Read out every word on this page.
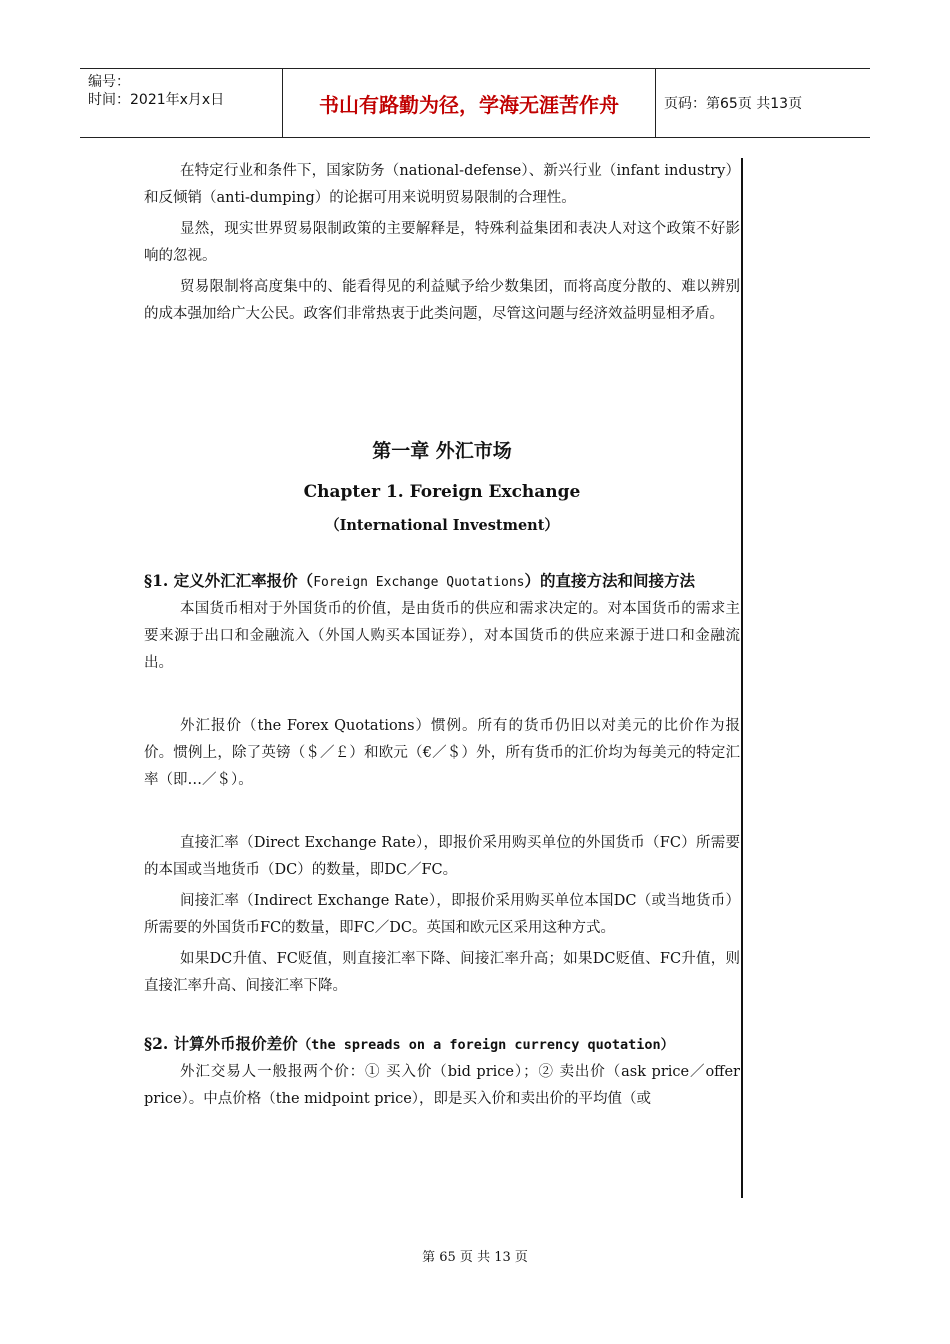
编号：
时间：2021年x月x日	书山有路勤为径，学海无涯苦作舟	页码：第65页 共13页

在特定行业和条件下，国家防务（national-defense）、新兴行业（infant industry）和反倾销（anti-dumping）的论据可用来说明贸易限制的合理性。

显然，现实世界贸易限制政策的主要解释是，特殊利益集团和表决人对这个政策不好影响的忽视。

贸易限制将高度集中的、能看得见的利益赋予给少数集团，而将高度分散的、难以辨别的成本强加给广大公民。政客们非常热衷于此类问题，尽管这问题与经济效益明显相矛盾。

第一章 外汇市场

Chapter 1. Foreign Exchange

（International Investment）

§1. 定义外汇汇率报价（Foreign Exchange Quotations）的直接方法和间接方法

本国货币相对于外国货币的价值，是由货币的供应和需求决定的。对本国货币的需求主要来源于出口和金融流入（外国人购买本国证券），对本国货币的供应来源于进口和金融流出。

外汇报价（the Forex Quotations）惯例。所有的货币仍旧以对美元的比价作为报价。惯例上，除了英镑（＄／￡）和欧元（€／＄）外，所有货币的汇价均为每美元的特定汇率（即…／＄）。

直接汇率（Direct Exchange Rate），即报价采用购买单位的外国货币（FC）所需要的本国或当地货币（DC）的数量，即DC／FC。

间接汇率（Indirect Exchange Rate），即报价采用购买单位本国DC（或当地货币）所需要的外国货币FC的数量，即FC／DC。英国和欧元区采用这种方式。

如果DC升值、FC贬值，则直接汇率下降、间接汇率升高；如果DC贬值、FC升值，则直接汇率升高、间接汇率下降。

§2. 计算外币报价差价（the spreads on a foreign currency quotation）

外汇交易人一般报两个价：① 买入价（bid price）；② 卖出价（ask price／offer price）。中点价格（the midpoint price），即是买入价和卖出价的平均值（或

第 65 页 共 13 页
